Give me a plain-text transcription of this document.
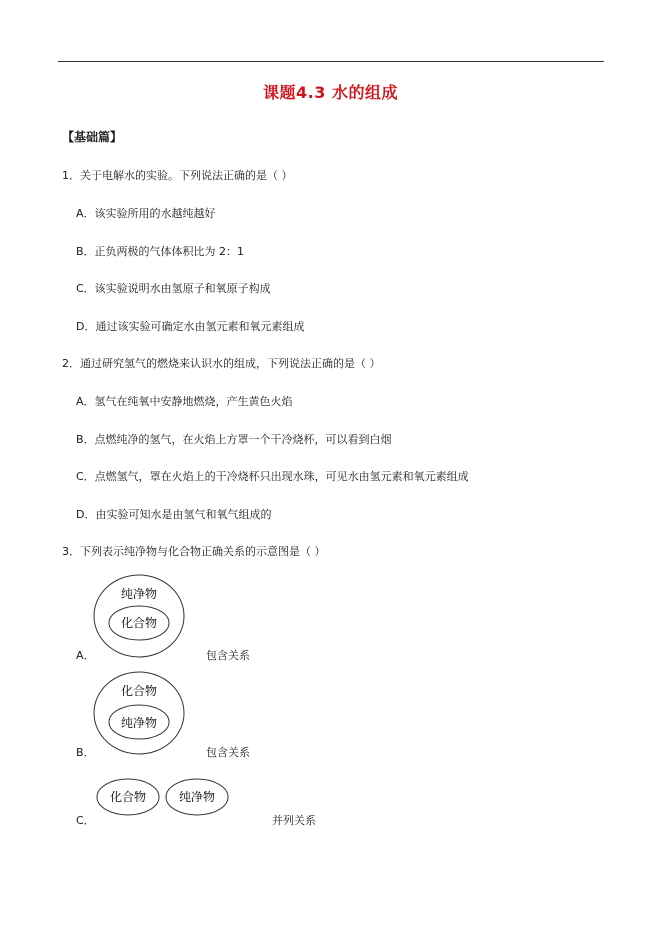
课题4.3 水的组成
【基础篇】
1．关于电解水的实验。下列说法正确的是（ ）
A．该实验所用的水越纯越好
B．正负两极的气体体积比为 2：1
C．该实验说明水由氢原子和氧原子构成
D．通过该实验可确定水由氢元素和氧元素组成
2．通过研究氢气的燃烧来认识水的组成，下列说法正确的是（ ）
A．氢气在纯氧中安静地燃烧，产生黄色火焰
B．点燃纯净的氢气，在火焰上方罩一个干冷烧杯，可以看到白烟
C．点燃氢气，罩在火焰上的干冷烧杯只出现水珠，可见水由氢元素和氧元素组成
D．由实验可知水是由氢气和氧气组成的
3．下列表示纯净物与化合物正确关系的示意图是（ ）
A．
纯净物
化合物
包含关系
B．
化合物
纯净物
包含关系
C．
化合物	纯净物
并列关系
